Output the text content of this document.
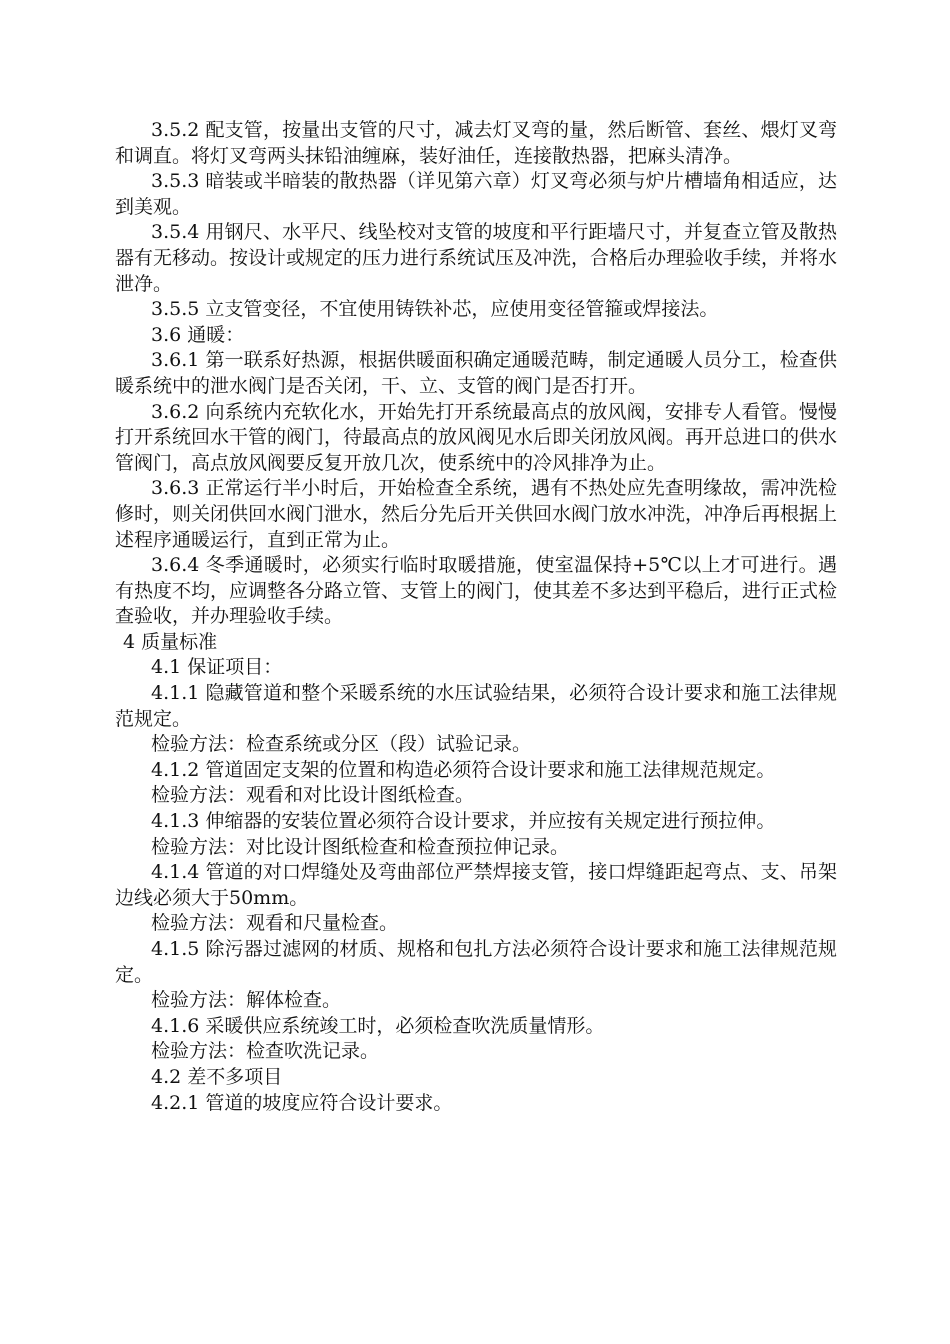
3.5.2 配支管，按量出支管的尺寸，减去灯叉弯的量，然后断管、套丝、煨灯叉弯和调直。将灯叉弯两头抹铅油缠麻，装好油任，连接散热器，把麻头清净。

3.5.3 暗装或半暗装的散热器（详见第六章）灯叉弯必须与炉片槽墙角相适应，达到美观。

3.5.4 用钢尺、水平尺、线坠校对支管的坡度和平行距墙尺寸，并复查立管及散热器有无移动。按设计或规定的压力进行系统试压及冲洗，合格后办理验收手续，并将水泄净。

3.5.5 立支管变径，不宜使用铸铁补芯，应使用变径管箍或焊接法。

3.6 通暖：

3.6.1 第一联系好热源，根据供暖面积确定通暖范畴，制定通暖人员分工，检查供暖系统中的泄水阀门是否关闭，干、立、支管的阀门是否打开。

3.6.2 向系统内充软化水，开始先打开系统最高点的放风阀，安排专人看管。慢慢打开系统回水干管的阀门，待最高点的放风阀见水后即关闭放风阀。再开总进口的供水管阀门，高点放风阀要反复开放几次，使系统中的冷风排净为止。

3.6.3 正常运行半小时后，开始检查全系统，遇有不热处应先查明缘故，需冲洗检修时，则关闭供回水阀门泄水，然后分先后开关供回水阀门放水冲洗，冲净后再根据上述程序通暖运行，直到正常为止。

3.6.4 冬季通暖时，必须实行临时取暖措施，使室温保持+5℃以上才可进行。遇有热度不均，应调整各分路立管、支管上的阀门，使其差不多达到平稳后，进行正式检查验收，并办理验收手续。

4 质量标准

4.1 保证项目：

4.1.1 隐藏管道和整个采暖系统的水压试验结果，必须符合设计要求和施工法律规范规定。

检验方法：检查系统或分区（段）试验记录。

4.1.2 管道固定支架的位置和构造必须符合设计要求和施工法律规范规定。

检验方法：观看和对比设计图纸检查。

4.1.3 伸缩器的安装位置必须符合设计要求，并应按有关规定进行预拉伸。

检验方法：对比设计图纸检查和检查预拉伸记录。

4.1.4 管道的对口焊缝处及弯曲部位严禁焊接支管，接口焊缝距起弯点、支、吊架边线必须大于50mm。

检验方法：观看和尺量检查。

4.1.5 除污器过滤网的材质、规格和包扎方法必须符合设计要求和施工法律规范规定。

检验方法：解体检查。

4.1.6 采暖供应系统竣工时，必须检查吹洗质量情形。

检验方法：检查吹洗记录。

4.2 差不多项目

4.2.1 管道的坡度应符合设计要求。
